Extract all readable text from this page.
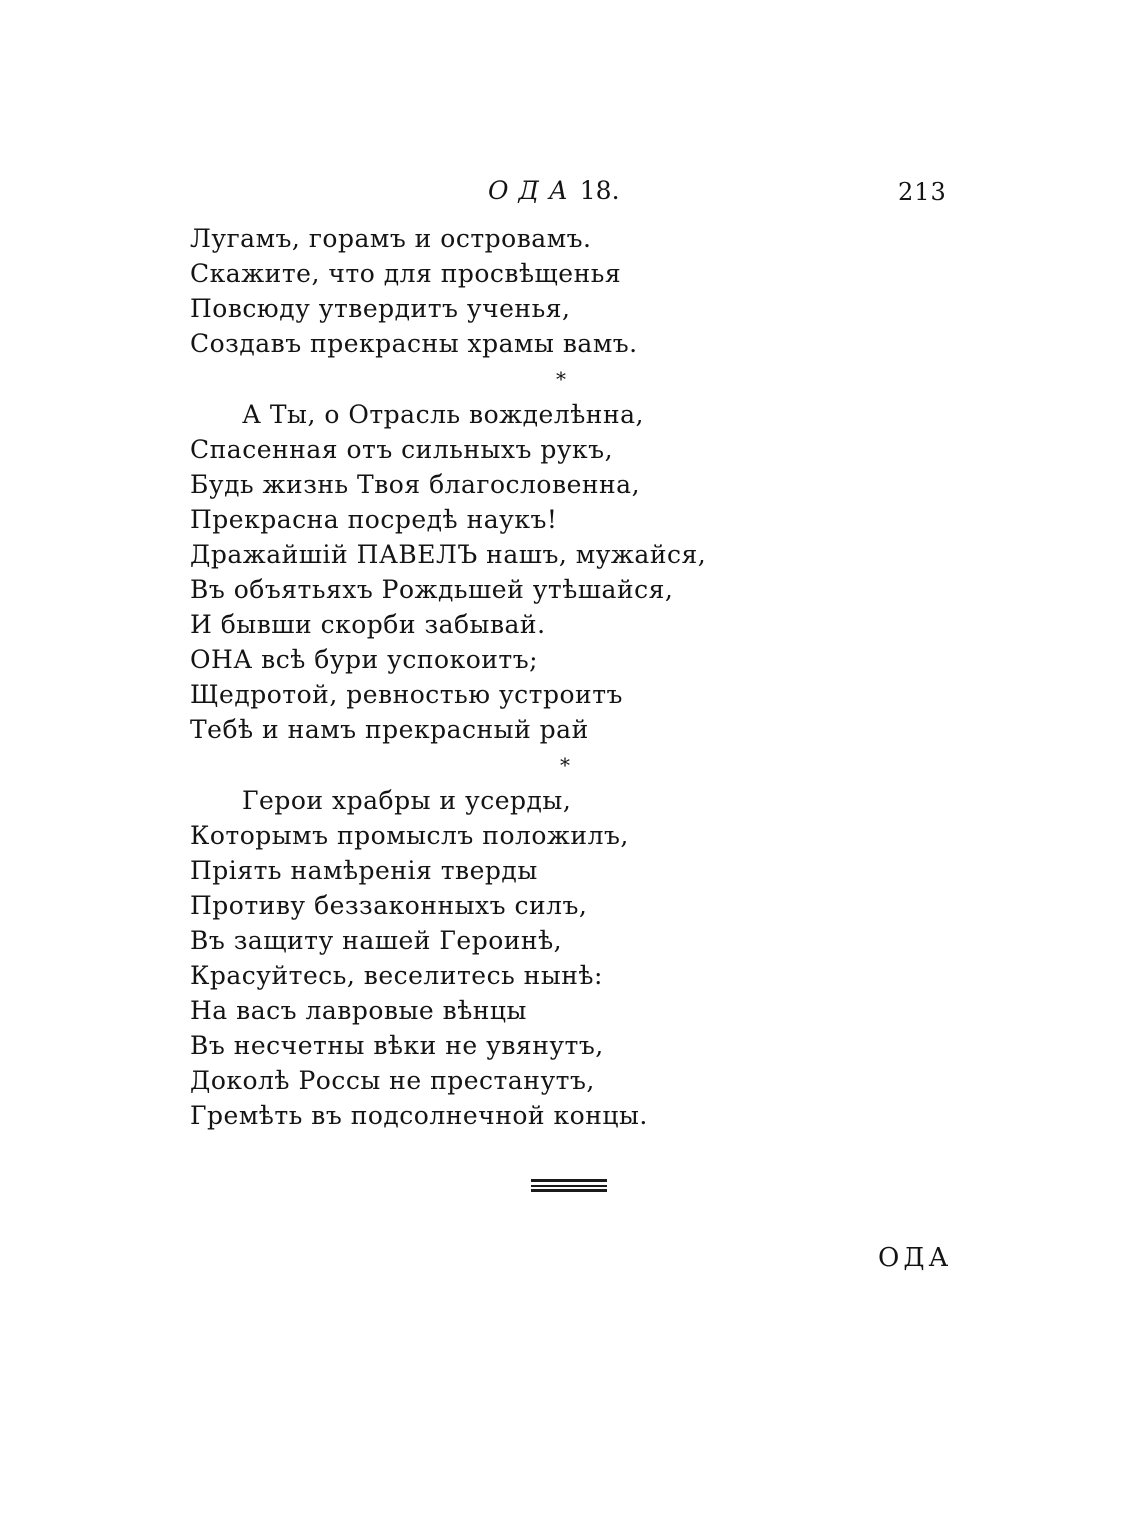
ОДА18.	213
Лугамъ, горамъ и островамъ.
Скажите, что для просвѣщенья
Повсюду утвердитъ ученья,
Создавъ прекрасны храмы вамъ.
*
А Ты, о Отрасль вожделѣнна,
Спасенная отъ сильныхъ рукъ,
Будь жизнь Твоя благословенна,
Прекрасна посредѣ наукъ!
Дражайшій ПАВЕЛЪ нашъ, мужайся,
Въ объятьяхъ Рождьшей утѣшайся,
И бывши скорби забывай.
ОНА всѣ бури успокоитъ;
Щедротой, ревностью устроитъ
Тебѣ и намъ прекрасный рай
*
Герои храбры и усерды,
Которымъ промыслъ положилъ,
Пріять намѣренія тверды
Противу беззаконныхъ силъ,
Въ защиту нашей Героинѣ,
Красуйтесь, веселитесь нынѣ:
На васъ лавровые вѣнцы
Въ несчетны вѣки не увянутъ,
Доколѣ Россы не престанутъ,
Гремѣть въ подсолнечной концы.
ОДА
